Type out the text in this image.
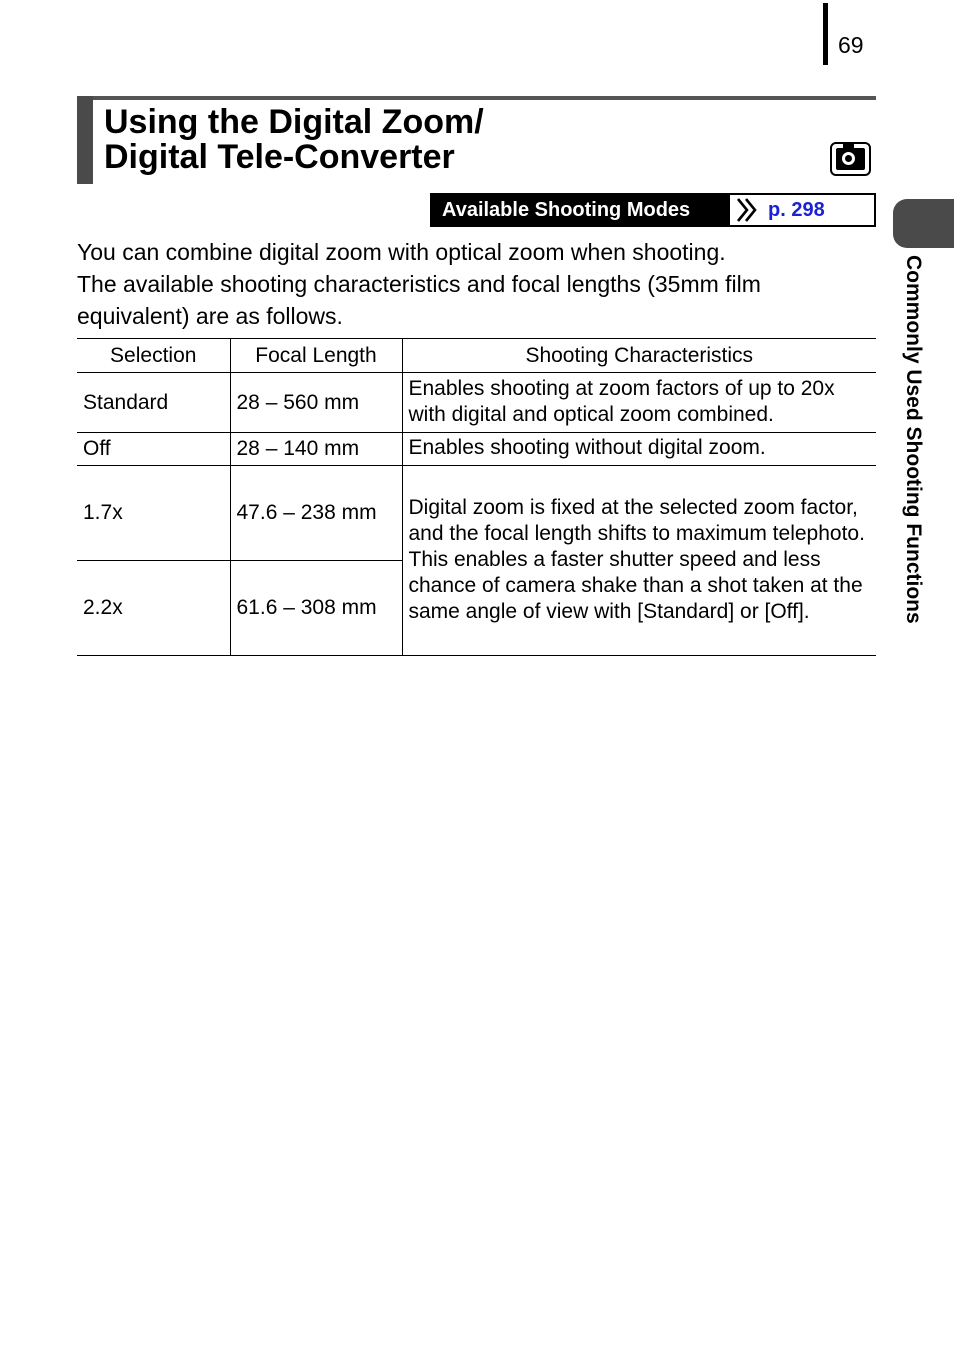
69
Using the Digital Zoom/
Digital Tele-Converter
Available Shooting Modes	p. 298
Commonly Used Shooting Functions

You can combine digital zoom with optical zoom when shooting.

The available shooting characteristics and focal lengths (35mm film equivalent) are as follows.

Selection	Focal Length	Shooting Characteristics
Standard	28 – 560 mm	Enables shooting at zoom factors of up to 20x with digital and optical zoom combined.
Off	28 – 140 mm	Enables shooting without digital zoom.
1.7x	47.6 – 238 mm	Digital zoom is fixed at the selected zoom factor, and the focal length shifts to maximum telephoto.
This enables a faster shutter speed and less chance of camera shake than a shot taken at the same angle of view with [Standard] or [Off].

2.2x	61.6 – 308 mm	
